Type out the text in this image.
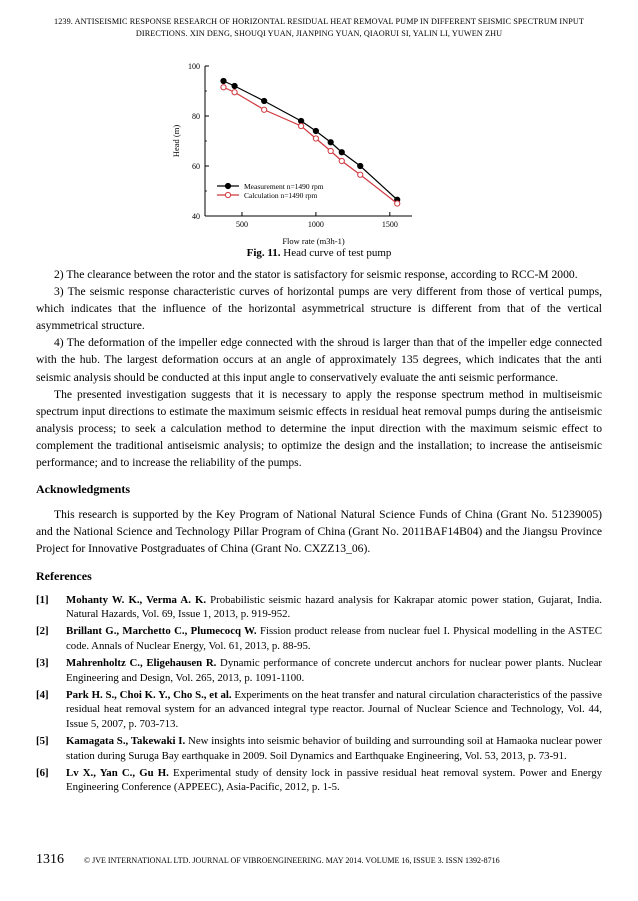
1239. ANTISEISMIC RESPONSE RESEARCH OF HORIZONTAL RESIDUAL HEAT REMOVAL PUMP IN DIFFERENT SEISMIC SPECTRUM INPUT
DIRECTIONS. XIN DENG, SHOUQI YUAN, JIANPING YUAN, QIAORUI SI, YALIN LI, YUWEN ZHU
40
60
80
100
500	1000	1500
Flow rate (m3h-1)
Head (m)
Measurement n=1490 rpm
Calculation n=1490 rpm
Fig. 11. Head curve of test pump

2) The clearance between the rotor and the stator is satisfactory for seismic response, according to RCC-M 2000.

3) The seismic response characteristic curves of horizontal pumps are very different from those of vertical pumps, which indicates that the influence of the horizontal asymmetrical structure is different from that of the vertical asymmetrical structure.

4) The deformation of the impeller edge connected with the shroud is larger than that of the impeller edge connected with the hub. The largest deformation occurs at an angle of approximately 135 degrees, which indicates that the anti seismic analysis should be conducted at this input angle to conservatively evaluate the anti seismic performance.

The presented investigation suggests that it is necessary to apply the response spectrum method in multiseismic spectrum input directions to estimate the maximum seismic effects in residual heat removal pumps during the antiseismic analysis process; to seek a calculation method to determine the input direction with the maximum seismic effect to complement the traditional antiseismic analysis; to optimize the design and the installation; to increase the antiseismic performance; and to increase the reliability of the pumps.

Acknowledgments

This research is supported by the Key Program of National Natural Science Funds of China (Grant No. 51239005) and the National Science and Technology Pillar Program of China (Grant No. 2011BAF14B04) and the Jiangsu Province Project for Innovative Postgraduates of China (Grant No. CXZZ13_06).

References

[1]	Mohanty W. K., Verma A. K. Probabilistic seismic hazard analysis for Kakrapar atomic power station, Gujarat, India. Natural Hazards, Vol. 69, Issue 1, 2013, p. 919-952.
[2]	Brillant G., Marchetto C., Plumecocq W. Fission product release from nuclear fuel I. Physical modelling in the ASTEC code. Annals of Nuclear Energy, Vol. 61, 2013, p. 88-95.
[3]	Mahrenholtz C., Eligehausen R. Dynamic performance of concrete undercut anchors for nuclear power plants. Nuclear Engineering and Design, Vol. 265, 2013, p. 1091-1100.
[4]	Park H. S., Choi K. Y., Cho S., et al. Experiments on the heat transfer and natural circulation characteristics of the passive residual heat removal system for an advanced integral type reactor. Journal of Nuclear Science and Technology, Vol. 44, Issue 5, 2007, p. 703-713.
[5]	Kamagata S., Takewaki I. New insights into seismic behavior of building and surrounding soil at Hamaoka nuclear power station during Suruga Bay earthquake in 2009. Soil Dynamics and Earthquake Engineering, Vol. 53, 2013, p. 73-91.
[6]	Lv X., Yan C., Gu H. Experimental study of density lock in passive residual heat removal system. Power and Energy Engineering Conference (APPEEC), Asia-Pacific, 2012, p. 1-5.
1316	© JVE INTERNATIONAL LTD. JOURNAL OF VIBROENGINEERING. MAY 2014. VOLUME 16, ISSUE 3. ISSN 1392-8716
